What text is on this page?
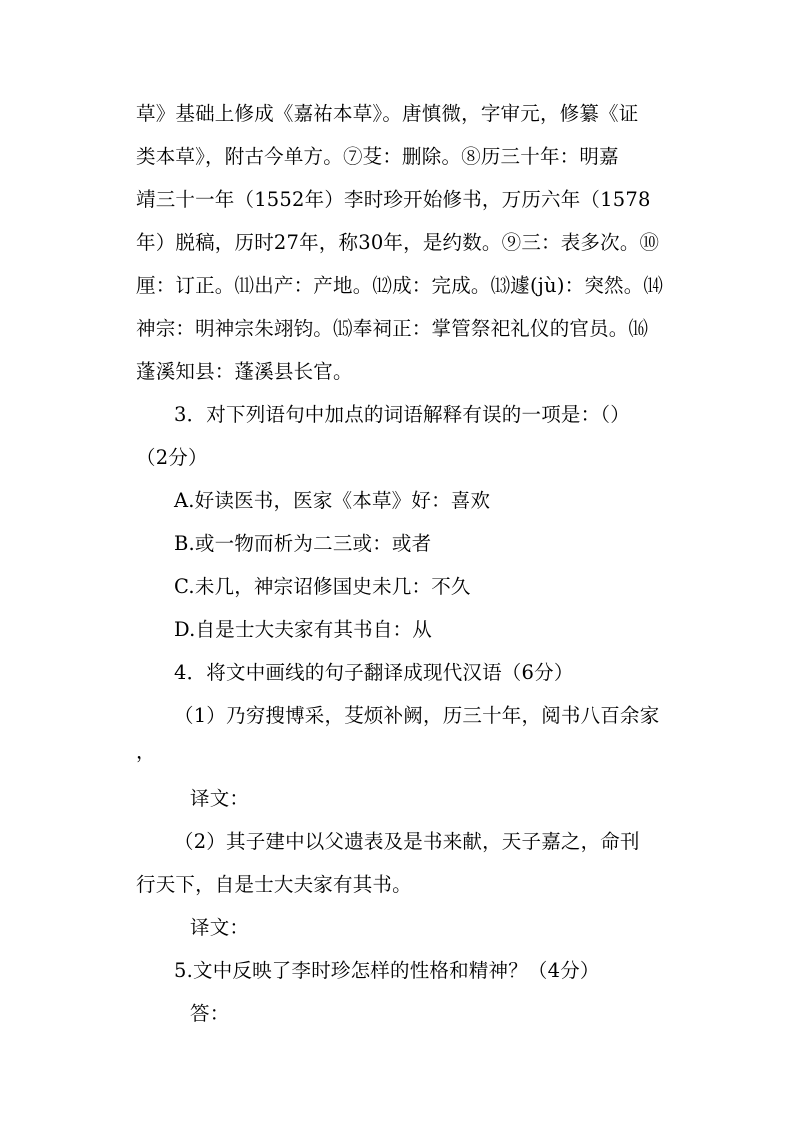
草》基础上修成《嘉祐本草》。唐慎微，字审元，修纂《证
类本草》，附古今单方。⑦芟：删除。⑧历三十年：明嘉
靖三十一年（1552年）李时珍开始修书，万历六年（1578
年）脱稿，历时27年，称30年，是约数。⑨三：表多次。⑩
厘：订正。⑾出产：产地。⑿成：完成。⒀遽(jù)：突然。⒁
神宗：明神宗朱翊钧。⒂奉祠正：掌管祭祀礼仪的官员。⒃
蓬溪知县：蓬溪县长官。
3．对下列语句中加点的词语解释有误的一项是：（）
（2分）
A.好读医书，医家《本草》好：喜欢
B.或一物而析为二三或：或者
C.未几，神宗诏修国史未几：不久
D.自是士大夫家有其书自：从
4．将文中画线的句子翻译成现代汉语（6分）
（1）乃穷搜博采，芟烦补阙，历三十年，阅书八百余家
，
译文：
（2）其子建中以父遗表及是书来献，天子嘉之，命刊
行天下，自是士大夫家有其书。
译文：
5.文中反映了李时珍怎样的性格和精神？（4分）
答：
